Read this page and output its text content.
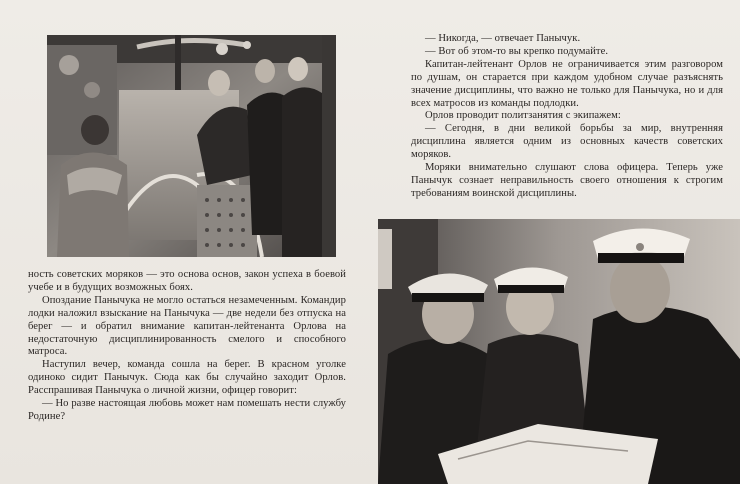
— Никогда, — отвечает Панычук.

— Вот об этом-то вы крепко подумайте.

Капитан-лейтенант Орлов не ограничивается этим разговором по душам, он старается при каждом удобном случае разъяснять значение дисциплины, что важно не только для Панычука, но и для всех матросов из команды подлодки.

Орлов проводит политзанятия с экипажем:

— Сегодня, в дни великой борьбы за мир, внутренняя дисциплина является одним из основных качеств советских моряков.

Моряки внимательно слушают слова офицера. Теперь уже Панычук сознает неправильность своего отношения к строгим требованиям воинской дисциплины.

ность советских моряков — это основа основ, закон успеха в боевой учебе и в будущих возможных боях.

Опоздание Панычука не могло остаться незамеченным. Командир лодки наложил взыскание на Панычука — две недели без отпуска на берег — и обратил внимание капитан-лейтенанта Орлова на недостаточную дисциплинированность смелого и способного матроса.

Наступил вечер, команда сошла на берег. В красном уголке одиноко сидит Панычук. Сюда как бы случайно заходит Орлов. Расспрашивая Панычука о личной жизни, офицер говорит:

— Но разве настоящая любовь может нам помешать нести службу Родине?
